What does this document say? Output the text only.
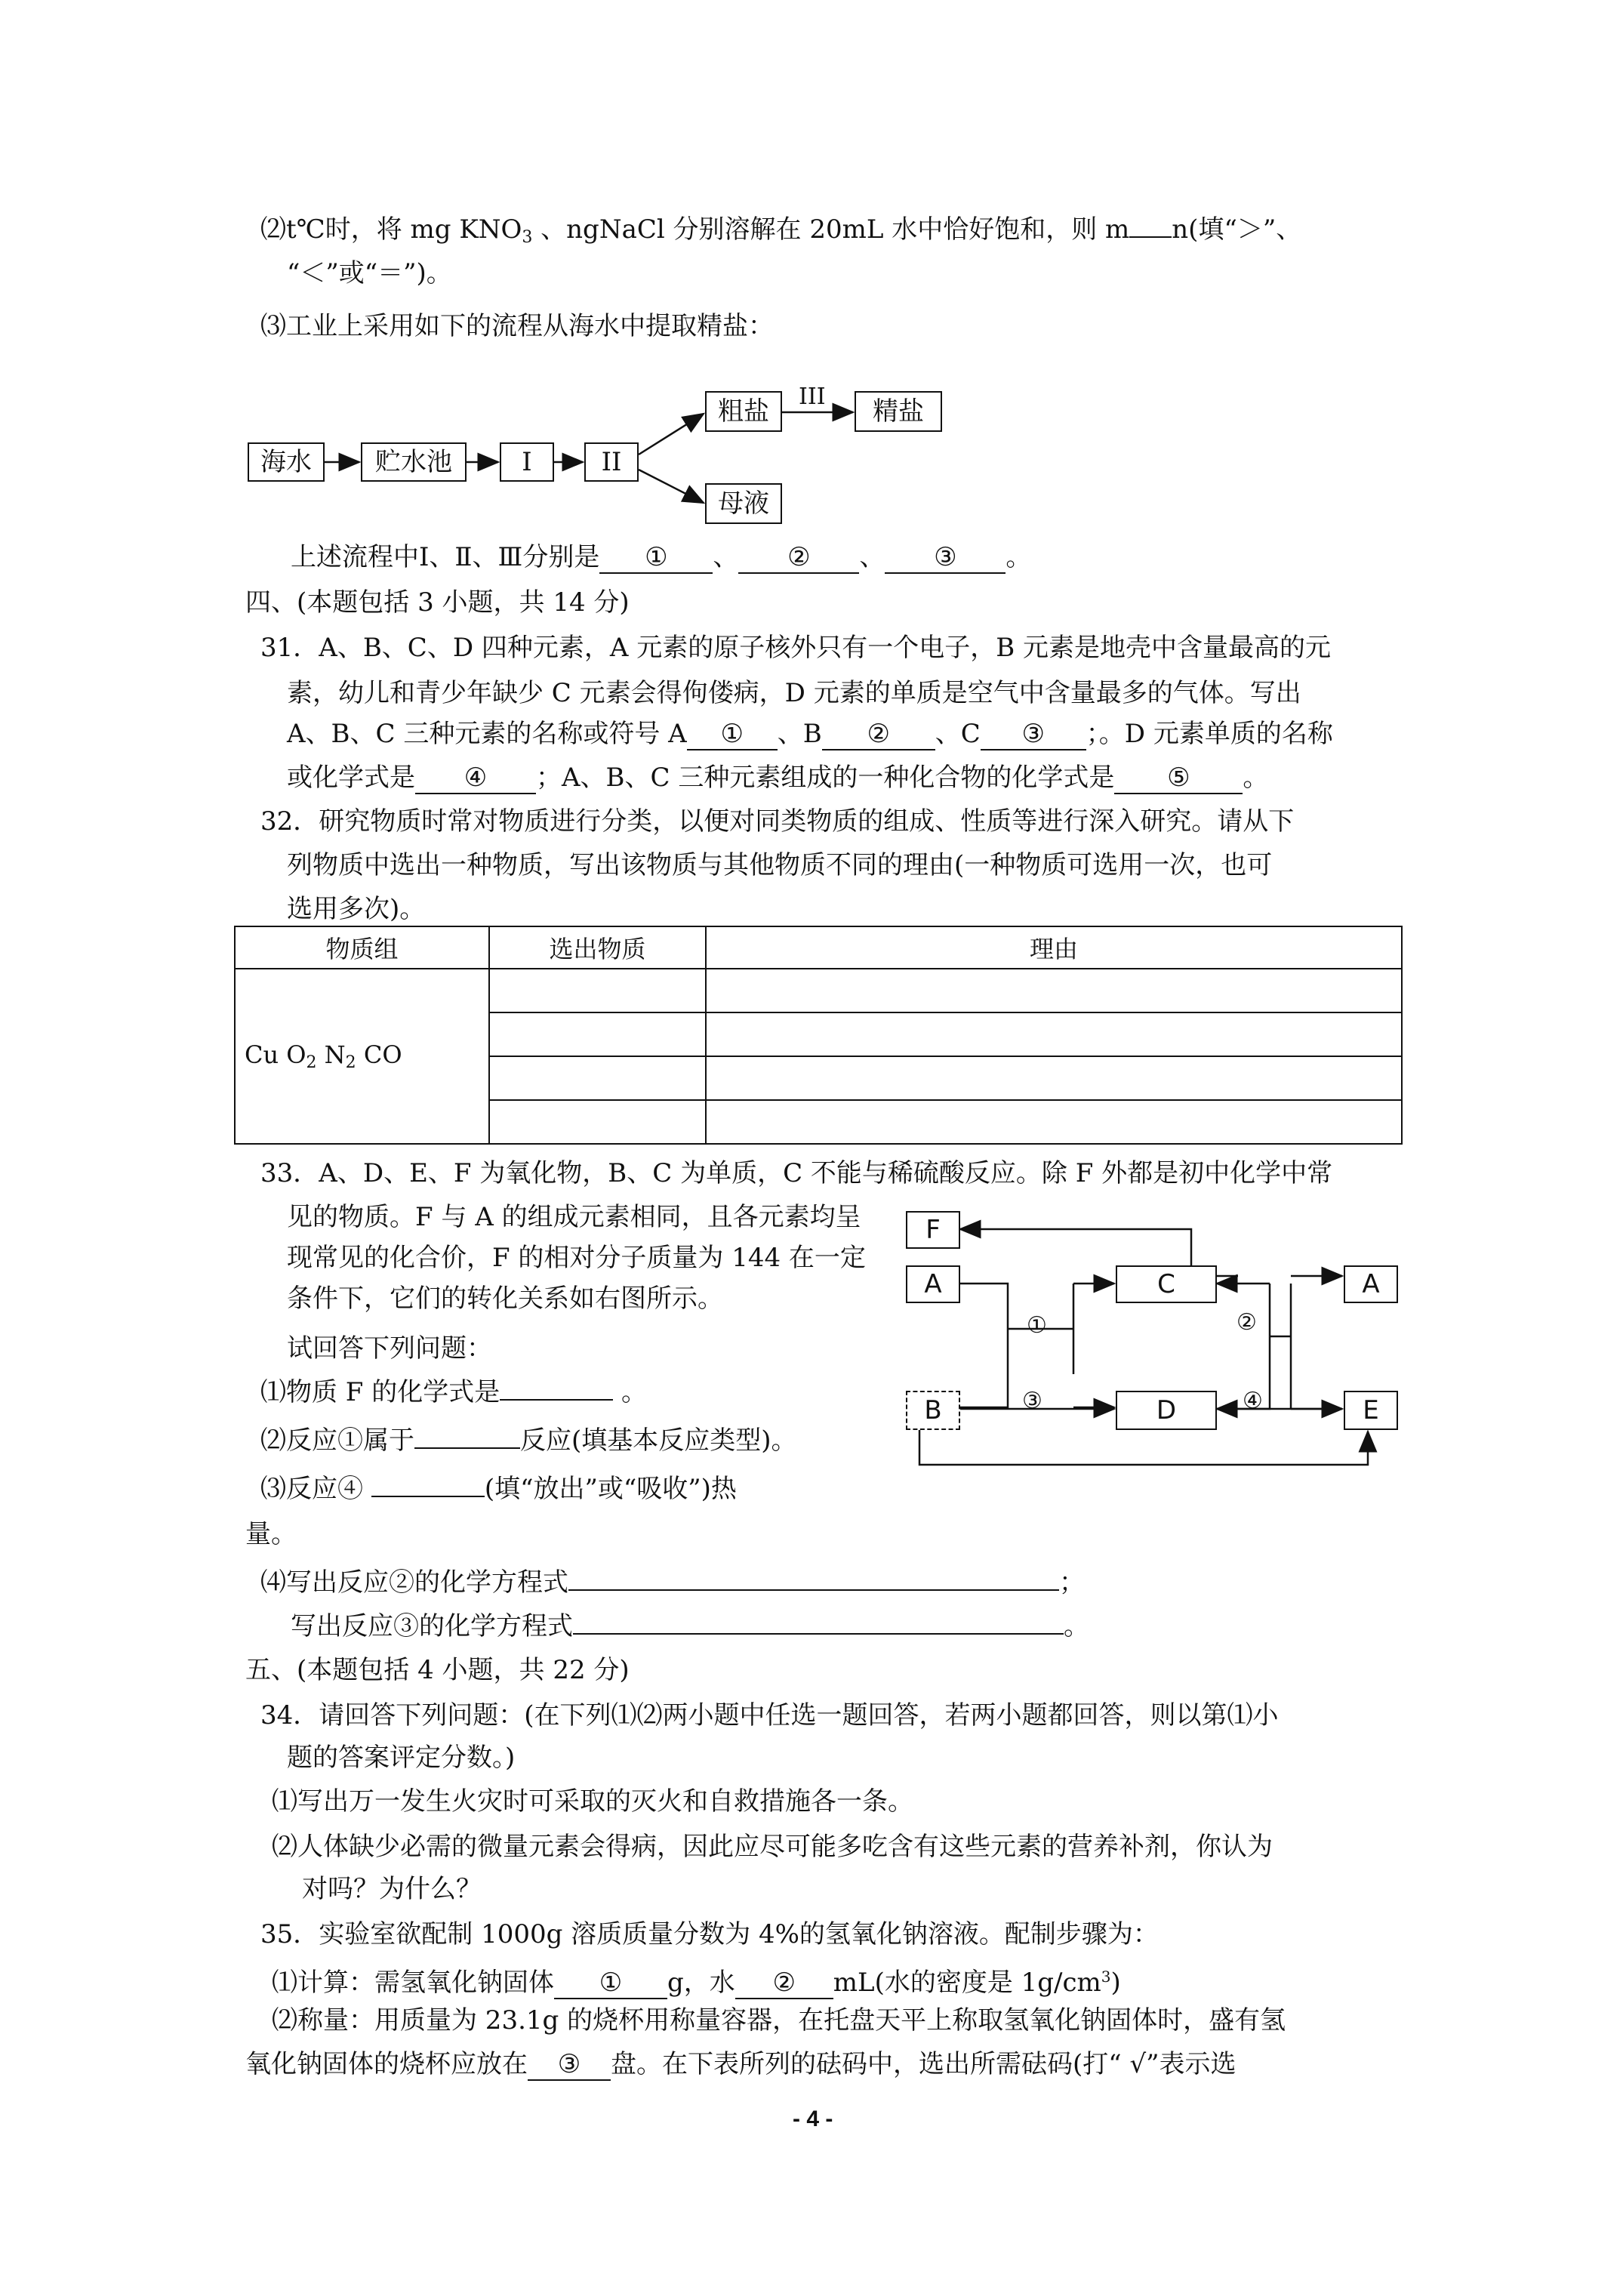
⑵t℃时，将 mg $KNO_3$ 、ngNaCl 分别溶解在 20mL 水中恰好饱和，则 m n(填“＞”、
“＜”或“＝”)。
⑶工业上采用如下的流程从海水中提取精盐：
海水	贮水池	I	II
粗盐	III	精盐
母液
上述流程中Ⅰ、Ⅱ、Ⅲ分别是 ① 、 ② 、 ③ 。
四、(本题包括 3 小题，共 14 分)
31．A、B、C、D 四种元素，A 元素的原子核外只有一个电子，B 元素是地壳中含量最高的元
素，幼儿和青少年缺少 C 元素会得佝偻病，D 元素的单质是空气中含量最多的气体。写出
A、B、C 三种元素的名称或符号 A ① 、B ② 、C ③ ；。D 元素单质的名称
或化学式是 ④ ；A、B、C 三种元素组成的一种化合物的化学式是 ⑤ 。
32．研究物质时常对物质进行分类，以便对同类物质的组成、性质等进行深入研究。请从下
列物质中选出一种物质，写出该物质与其他物质不同的理由(一种物质可选用一次，也可
选用多次)。
物质组	选出物质	理由
Cu $O_2$ $N_2$ CO		

33．A、D、E、F 为氧化物，B、C 为单质，C 不能与稀硫酸反应。除 F 外都是初中化学中常
见的物质。F 与 A 的组成元素相同，且各元素均呈
现常见的化合价，F 的相对分子质量为 144 在一定
条件下，它们的转化关系如右图所示。
试回答下列问题：
⑴物质 F 的化学式是	。
⑵反应①属于	反应(填基本反应类型)。
⑶反应④	(填“放出”或“吸收”)热
量。
⑷写出反应②的化学方程式	；
写出反应③的化学方程式	。
F
A	C	A
B	D	E
①	②
③	④
五、(本题包括 4 小题，共 22 分)
34．请回答下列问题：(在下列⑴⑵两小题中任选一题回答，若两小题都回答，则以第⑴小
题的答案评定分数。)
⑴写出万一发生火灾时可采取的灭火和自救措施各一条。
⑵人体缺少必需的微量元素会得病，因此应尽可能多吃含有这些元素的营养补剂，你认为
对吗？为什么？
35．实验室欲配制 1000g 溶质质量分数为 4%的氢氧化钠溶液。配制步骤为：
⑴计算：需氢氧化钠固体 ① g，水 ② mL(水的密度是 $1g/cm^3$)
⑵称量：用质量为 23.1g 的烧杯用称量容器，在托盘天平上称取氢氧化钠固体时，盛有氢
氧化钠固体的烧杯应放在 ③ 盘。在下表所列的砝码中，选出所需砝码(打“ √”表示选
- 4 -
